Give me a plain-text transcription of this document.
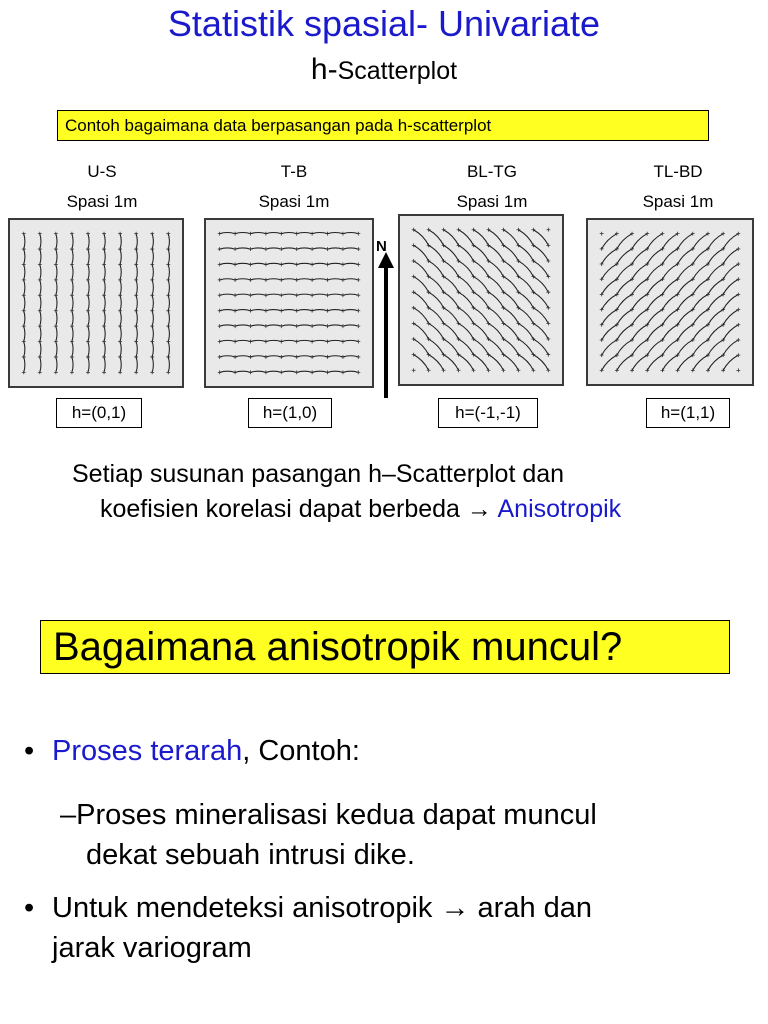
Statistik spasial- Univariate
h-Scatterplot
Contoh bagaimana data berpasangan pada h-scatterplot
U-S
Spasi 1m
T-B
Spasi 1m
BL-TG
Spasi 1m
TL-BD
Spasi 1m
N
h=(0,1)	h=(1,0)	h=(-1,-1)	h=(1,1)
Setiap susunan pasangan h–Scatterplot dan
koefisien korelasi dapat berbeda → Anisotropik
Bagaimana anisotropik muncul?
• Proses terarah, Contoh:
–Proses mineralisasi kedua dapat muncul
dekat sebuah intrusi dike.
• Untuk mendeteksi anisotropik → arah dan
jarak variogram
